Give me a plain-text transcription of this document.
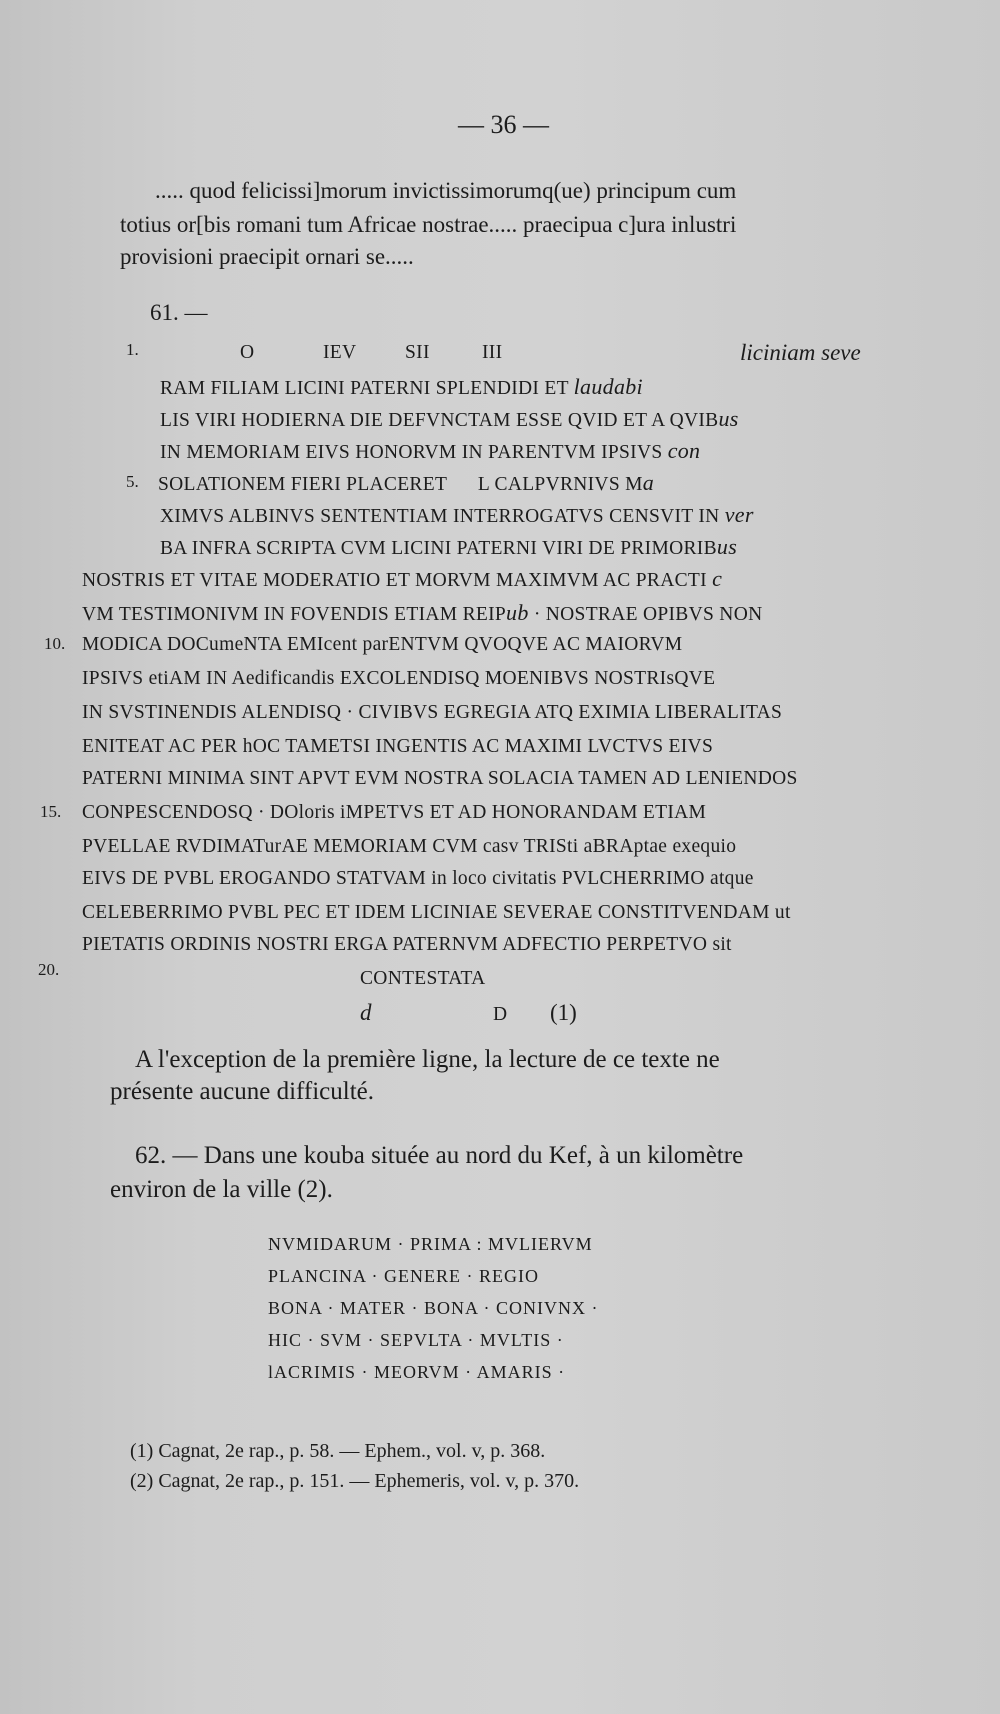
— 36 —
..... quod felicissi]morum invictissimorumq(ue) principum cum
totius or[bis romani tum Africae nostrae..... praecipua c]ura inlustri
provisioni praecipit ornari se.....
61. —
1.	O	IEV SII	III	liciniam seve
RAM FILIAM LICINI PATERNI SPLENDIDI ET laudabi
LIS VIRI HODIERNA DIE DEFVNCTAM ESSE QVID ET A QVIBus
IN MEMORIAM EIVS HONORVM IN PARENTVM IPSIVS con
5. SOLATIONEM FIERI PLACERET      L CALPVRNIVS Ma
XIMVS ALBINVS SENTENTIAM INTERROGATVS CENSVIT IN ver
BA INFRA SCRIPTA CVM LICINI PATERNI VIRI DE PRIMORIBus
NOSTRIS ET VITAE MODERATIO ET MORVM MAXIMVM AC PRACTI c
VM TESTIMONIVM IN FOVENDIS ETIAM REIPub · NOSTRAE OPIBVS NON
10. MODICA DOCumeNTA EMIcent parENTVM QVOQVE AC MAIORVM
IPSIVS etiAM IN Aedificandis EXCOLENDISQ MOENIBVS NOSTRIsQVE
IN SVSTINENDIS ALENDISQ · CIVIBVS EGREGIA ATQ EXIMIA LIBERALITAS
ENITEAT AC PER hOC TAMETSI INGENTIS AC MAXIMI LVCTVS EIVS
PATERNI MINIMA SINT APVT EVM NOSTRA SOLACIA TAMEN AD LENIENDOS
15. CONPESCENDOSQ · DOloris iMPETVS ET AD HONORANDAM ETIAM
PVELLAE RVDIMATurAE MEMORIAM CVM casv TRISti aBRAptae exequio
EIVS DE PVBL EROGANDO STATVAM in loco civitatis PVLCHERRIMO atque
CELEBERRIMO PVBL PEC ET IDEM LICINIAE SEVERAE CONSTITVENDAM ut
PIETATIS ORDINIS NOSTRI ERGA PATERNVM ADFECTIO PERPETVO sit
20.	CONTESTATA
d	D (1)
A l'exception de la première ligne, la lecture de ce texte ne
présente aucune difficulté.
62. — Dans une kouba située au nord du Kef, à un kilomètre
environ de la ville (2).
NVMIDARUM · PRIMA : MVLIERVM
PLANCINA · GENERE · REGIO
BONA · MATER · BONA · CONIVNX ·
HIC · SVM · SEPVLTA · MVLTIS ·
lACRIMIS · MEORVM · AMARIS ·
(1) Cagnat, 2e rap., p. 58. — Ephem., vol. v, p. 368.
(2) Cagnat, 2e rap., p. 151. — Ephemeris, vol. v, p. 370.
